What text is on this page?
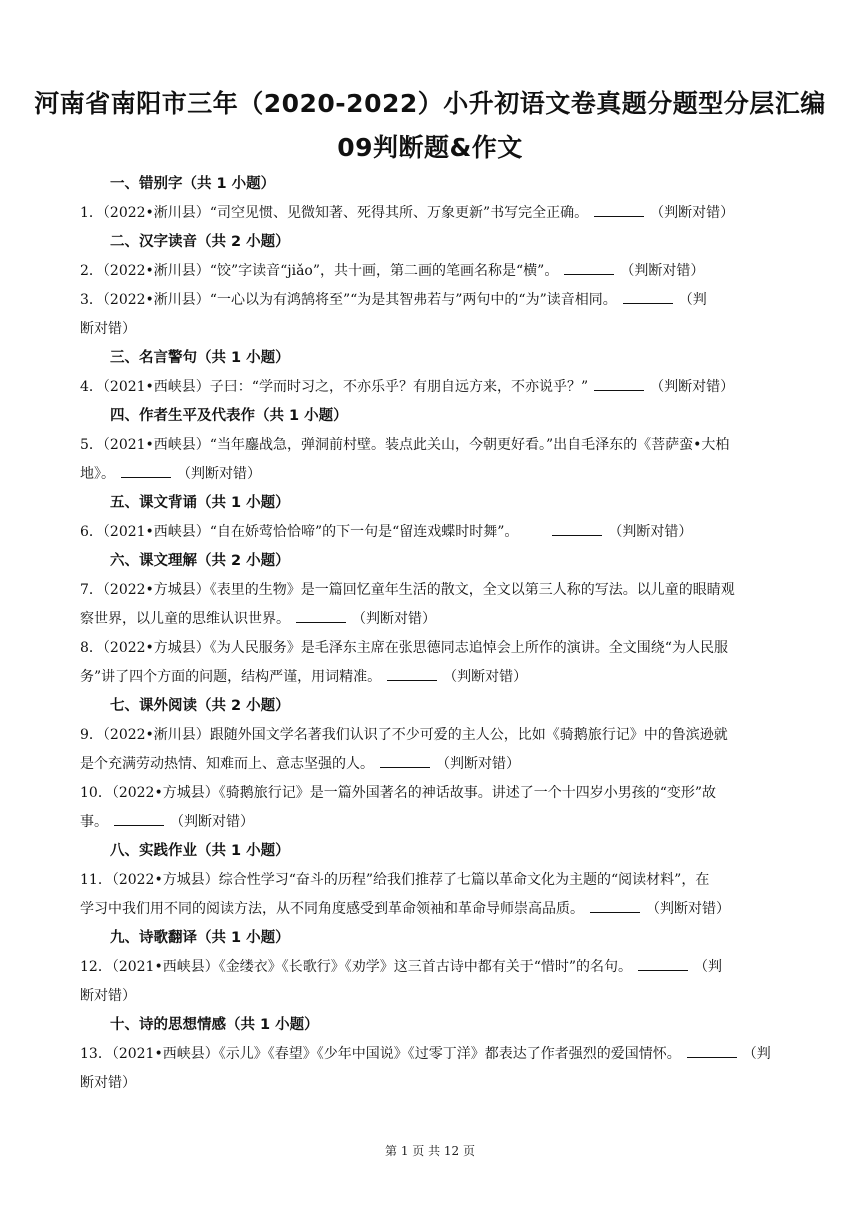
河南省南阳市三年（2020-2022）小升初语文卷真题分题型分层汇编
09判断题&作文
一、错别字（共 1 小题）
1．（2022•淅川县）“司空见惯、见微知著、死得其所、万象更新”书写完全正确。	（判断对错）
二、汉字读音（共 2 小题）
2．（2022•淅川县）“饺”字读音“jiǎo”，共十画，第二画的笔画名称是“横”。	（判断对错）
3．（2022•淅川县）“一心以为有鸿鹄将至”“为是其智弗若与”两句中的“为”读音相同。	（判
断对错）
三、名言警句（共 1 小题）
4．（2021•西峡县）子曰：“学而时习之，不亦乐乎？有朋自远方来，不亦说乎？”	（判断对错）
四、作者生平及代表作（共 1 小题）
5．（2021•西峡县）“当年鏖战急，弹洞前村壁。装点此关山，今朝更好看。”出自毛泽东的《菩萨蛮•大柏
地》。	（判断对错）
五、课文背诵（共 1 小题）
6．（2021•西峡县）“自在娇莺恰恰啼”的下一句是“留连戏蝶时时舞”。	（判断对错）
六、课文理解（共 2 小题）
7．（2022•方城县）《表里的生物》是一篇回忆童年生活的散文，全文以第三人称的写法。以儿童的眼睛观
察世界，以儿童的思维认识世界。	（判断对错）
8．（2022•方城县）《为人民服务》是毛泽东主席在张思德同志追悼会上所作的演讲。全文围绕“为人民服
务”讲了四个方面的问题，结构严谨，用词精准。	（判断对错）
七、课外阅读（共 2 小题）
9．（2022•淅川县）跟随外国文学名著我们认识了不少可爱的主人公，比如《骑鹅旅行记》中的鲁滨逊就
是个充满劳动热情、知难而上、意志坚强的人。	（判断对错）
10．（2022•方城县）《骑鹅旅行记》是一篇外国著名的神话故事。讲述了一个十四岁小男孩的“变形”故
事。	（判断对错）
八、实践作业（共 1 小题）
11．（2022•方城县）综合性学习“奋斗的历程”给我们推荐了七篇以革命文化为主题的“阅读材料”，在
学习中我们用不同的阅读方法，从不同角度感受到革命领袖和革命导师崇高品质。	（判断对错）
九、诗歌翻译（共 1 小题）
12．（2021•西峡县）《金缕衣》《长歌行》《劝学》这三首古诗中都有关于“惜时”的名句。	（判
断对错）
十、诗的思想情感（共 1 小题）
13．（2021•西峡县）《示儿》《春望》《少年中国说》《过零丁洋》都表达了作者强烈的爱国情怀。	（判
断对错）
第 1 页 共 12 页
